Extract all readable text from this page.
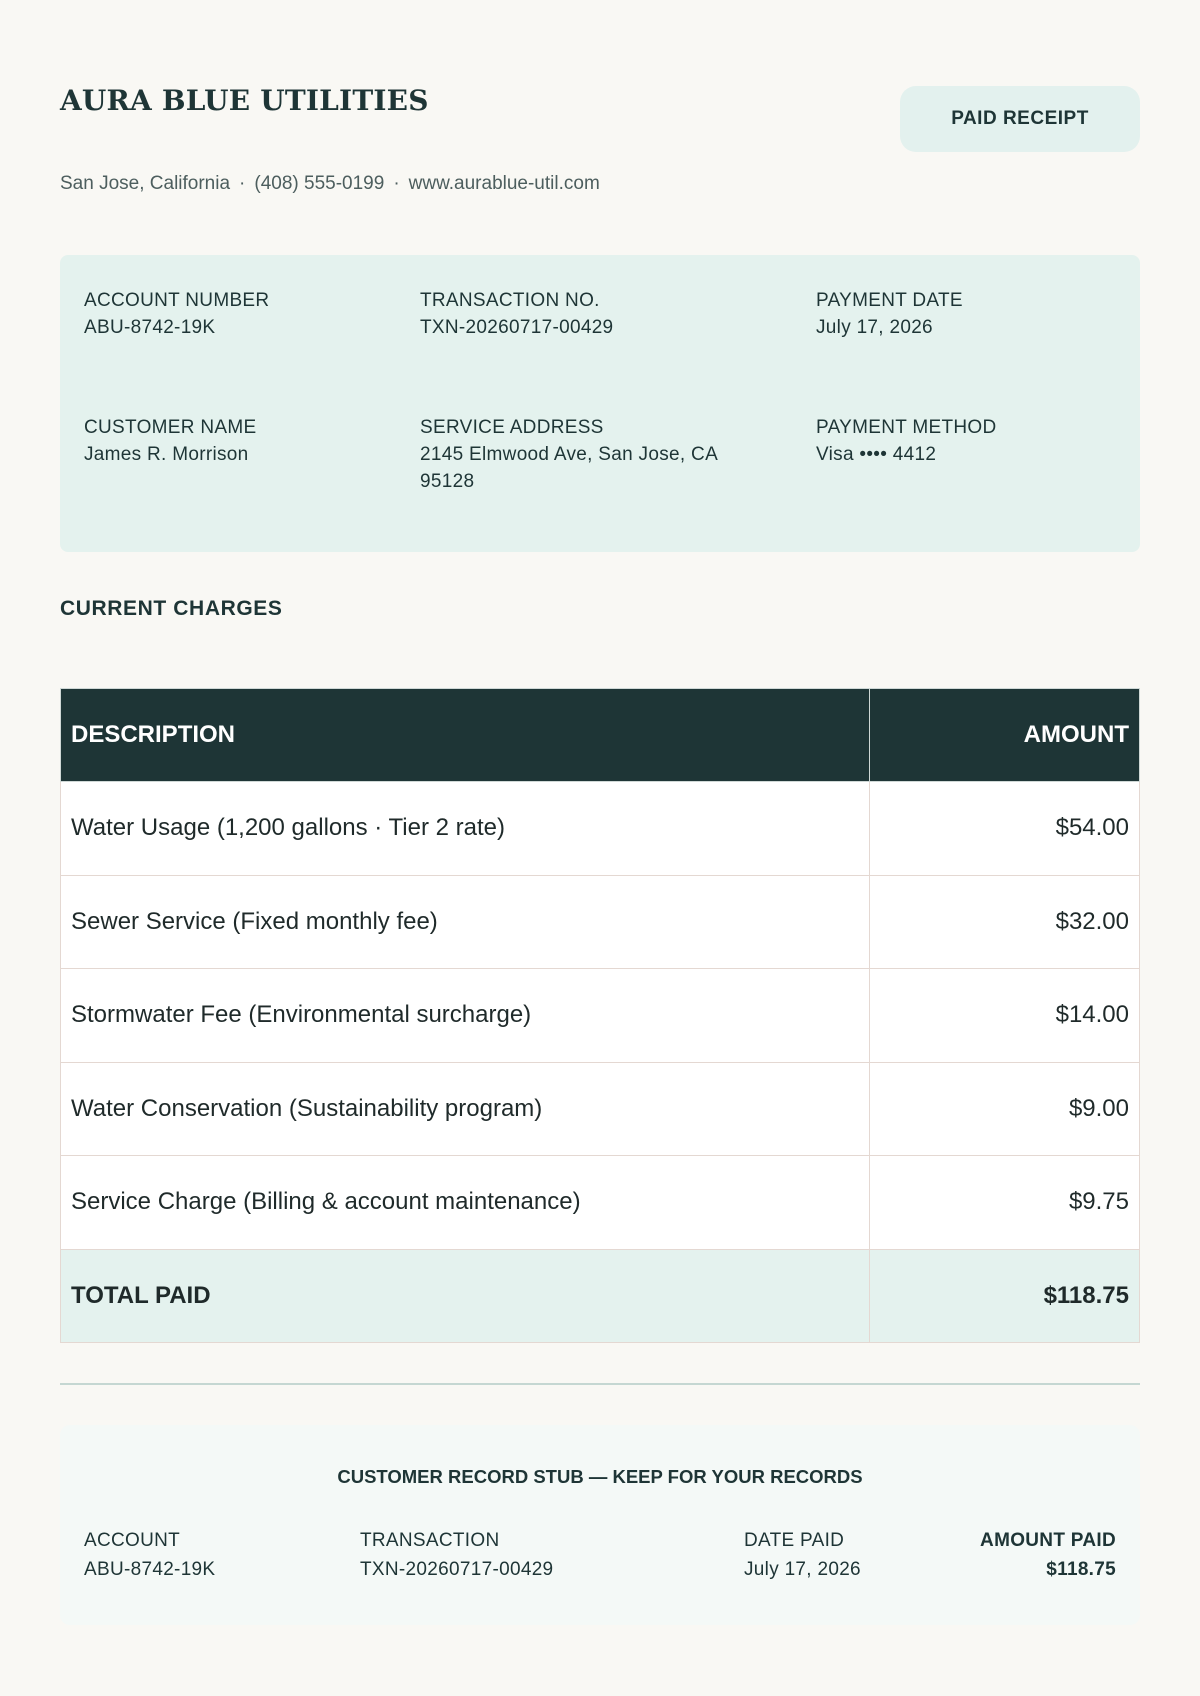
AURA BLUE UTILITIES
PAID RECEIPT
San Jose, California · (408) 555-0199 · www.aurablue-util.com
ACCOUNT NUMBER
ABU-8742-19K
TRANSACTION NO.
TXN-20260717-00429
PAYMENT DATE
July 17, 2026
CUSTOMER NAME
James R. Morrison
SERVICE ADDRESS
2145 Elmwood Ave, San Jose, CA
95128
PAYMENT METHOD
Visa •••• 4412
CURRENT CHARGES
DESCRIPTION	AMOUNT
Water Usage (1,200 gallons · Tier 2 rate)	$54.00
Sewer Service (Fixed monthly fee)	$32.00
Stormwater Fee (Environmental surcharge)	$14.00
Water Conservation (Sustainability program)	$9.00
Service Charge (Billing & account maintenance)	$9.75
TOTAL PAID	$118.75
CUSTOMER RECORD STUB — KEEP FOR YOUR RECORDS
ACCOUNT
ABU-8742-19K
TRANSACTION
TXN-20260717-00429
DATE PAID
July 17, 2026
AMOUNT PAID
$118.75
